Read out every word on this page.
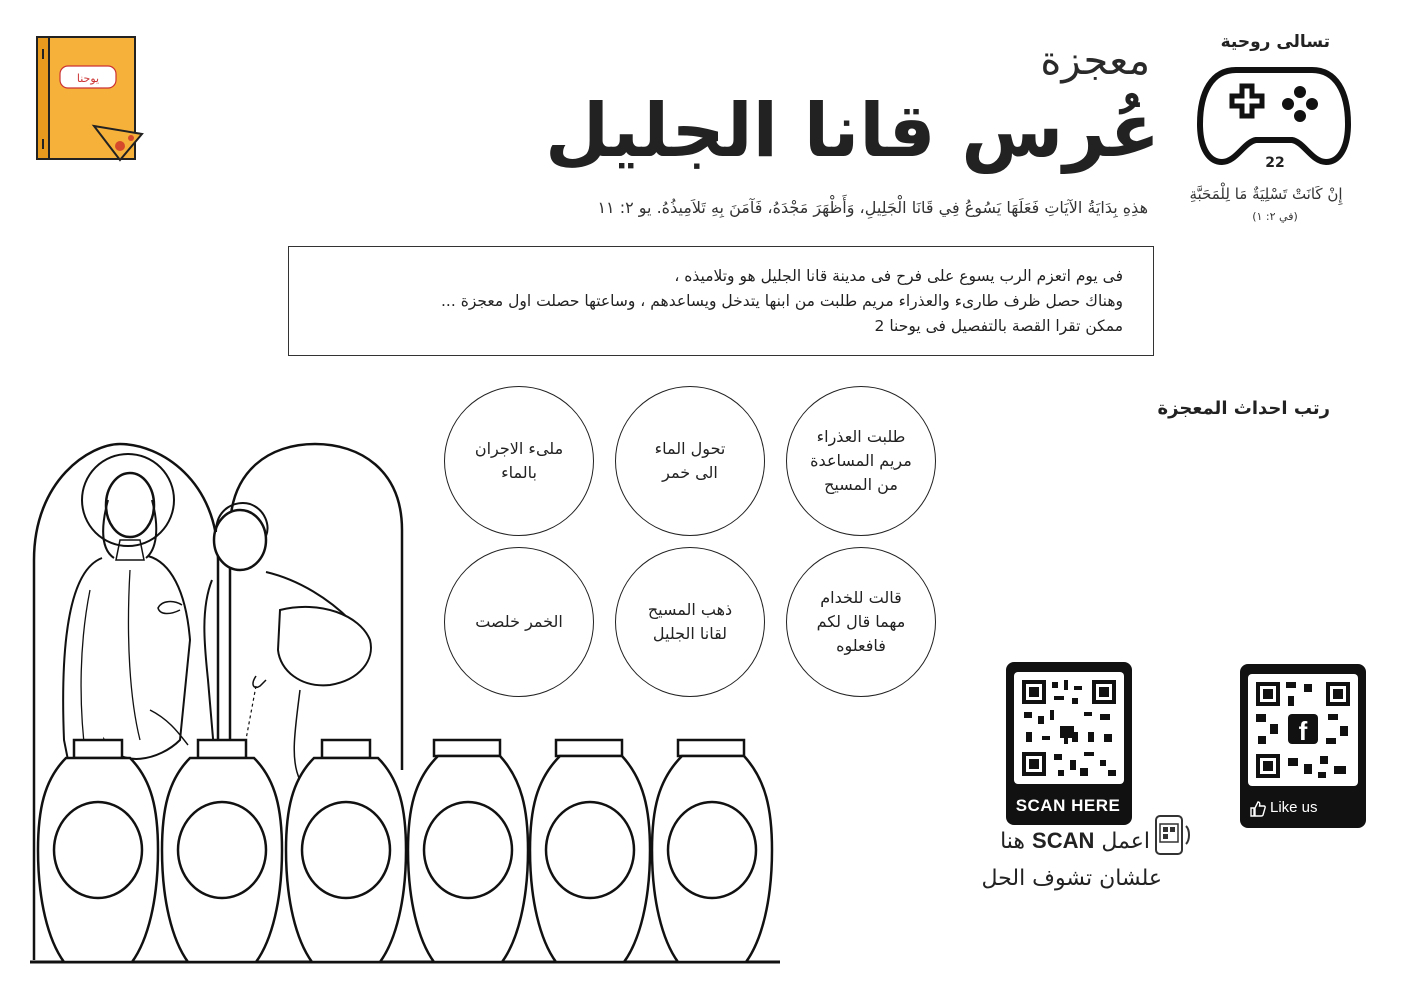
يوحنا	معجزة
عُرس قانا الجليل
هذِهِ بِدَايَةُ الآيَاتِ فَعَلَهَا يَسُوعُ فِي قَانَا الْجَلِيلِ، وَأَظْهَرَ مَجْدَهُ، فَآمَنَ بِهِ تَلاَمِيذُهُ. يو ٢: ١١
تسالى روحية
22
إِنْ كَانَتْ تَسْلِيَةٌ مَا لِلْمَحَبَّةِ
(في ٢: ١)
فى يوم اتعزم الرب يسوع على فرح فى مدينة قانا الجليل هو وتلاميذه ،
وهناك حصل ظرف طارىء والعذراء مريم طلبت من ابنها يتدخل ويساعدهم ، وساعتها حصلت اول معجزة ...
ممكن تقرا القصة بالتفصيل فى يوحنا 2
رتب احداث المعجزة
طلبت العذراء
مريم المساعدة
من المسيح
تحول الماء
الى خمر
ملىء الاجران
بالماء
قالت للخدام
مهما قال لكم
فافعلوه
ذهب المسيح
لقانا الجليل
الخمر خلصت
SCAN HERE
f
Like us
اعمل SCAN هنا
علشان تشوف الحل
